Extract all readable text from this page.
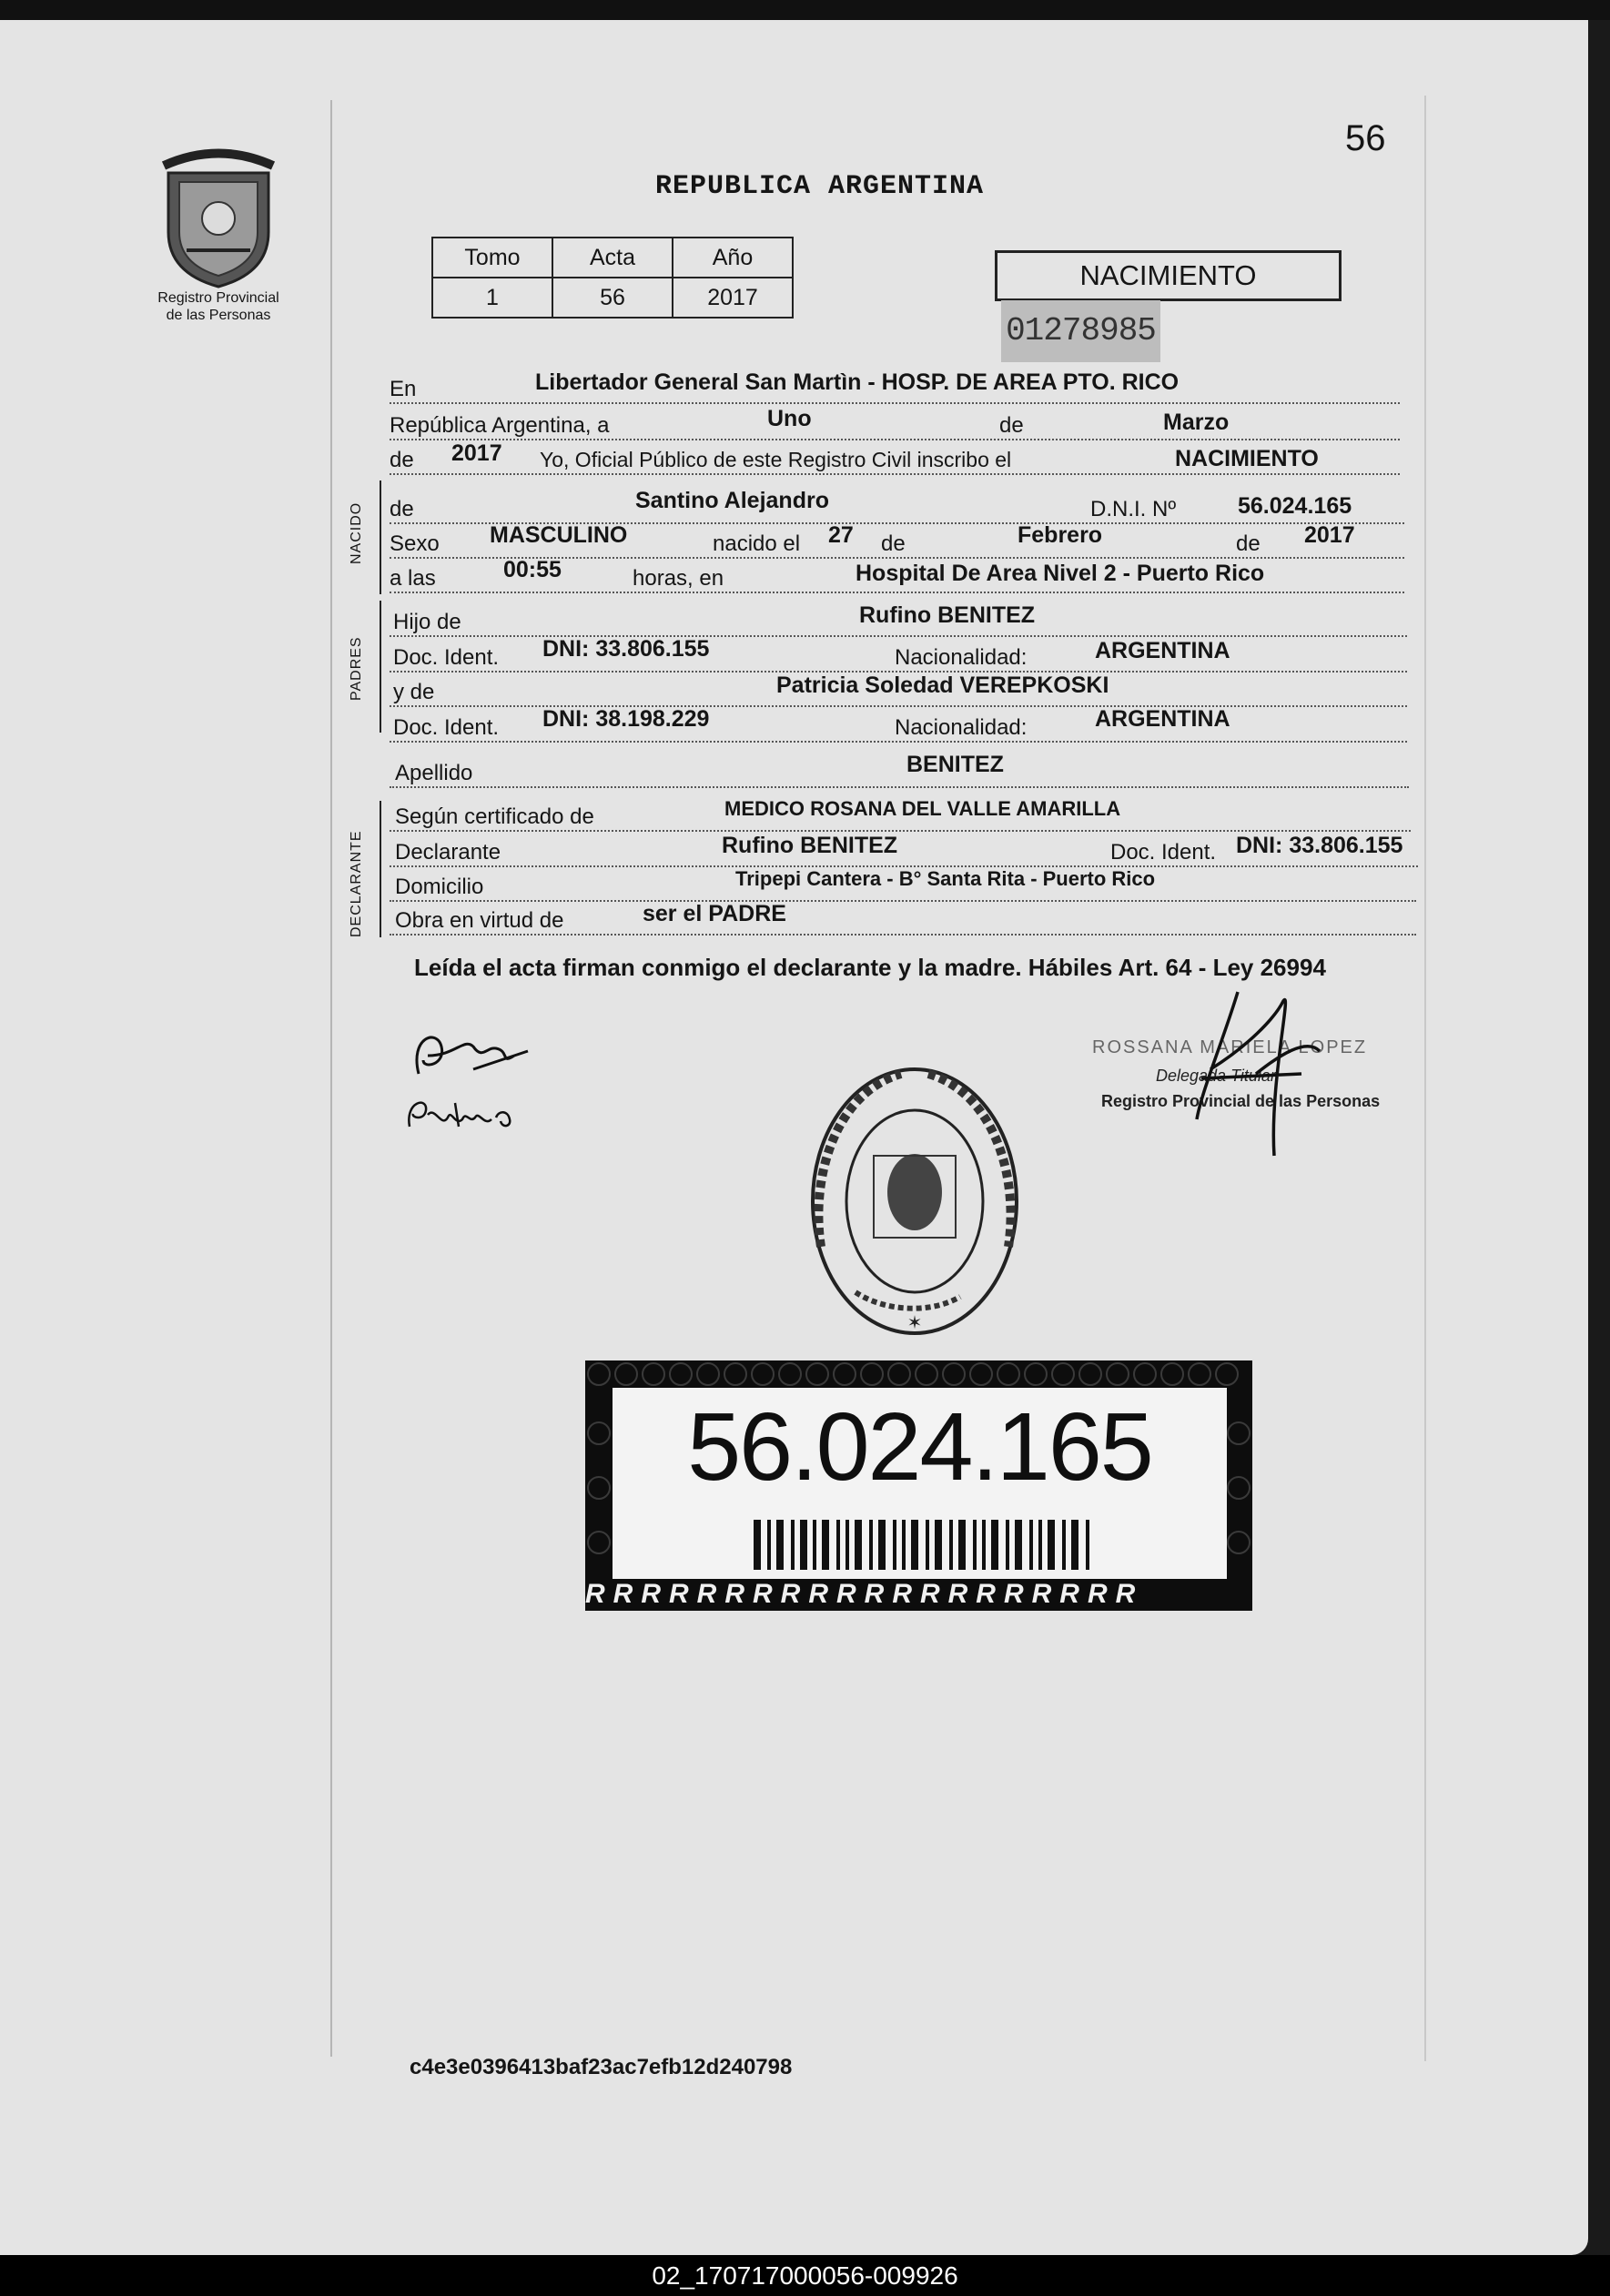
Registro Provincial
de las Personas
56
REPUBLICA ARGENTINA
Tomo	Acta	Año
1	56	2017
NACIMIENTO
01278985
En	Libertador General San Martìn - HOSP. DE AREA PTO. RICO
República Argentina, a	Uno	de	Marzo
de 2017 Yo, Oficial Público de este Registro Civil inscribo el	NACIMIENTO
NACIDO de	Santino Alejandro	D.N.I. Nº	56.024.165
Sexo MASCULINO	nacido el 27 de	Febrero	de 2017
a las	00:55	horas, en	Hospital De Area Nivel 2 - Puerto Rico
PADRES
Hijo de	Rufino BENITEZ
Doc. Ident. DNI: 33.806.155	Nacionalidad:	ARGENTINA
y de	Patricia Soledad VEREPKOSKI
Doc. Ident. DNI: 38.198.229	Nacionalidad:	ARGENTINA
Apellido	BENITEZ
DECLARANTE
Según certificado de	MEDICO ROSANA DEL VALLE AMARILLA
Declarante	Rufino BENITEZ	Doc. Ident. DNI: 33.806.155
Domicilio	Tripepi Cantera - B° Santa Rita - Puerto Rico
Obra en virtud de	ser el PADRE
Leída el acta firman conmigo el declarante y la madre. Hábiles Art. 64 - Ley 26994
ROSSANA MARIELA LOPEZ
Delegada Titular
Registro Provincial de las Personas
✶
56.024.165
RRRRRRRRRRRRRRRRRRRR
c4e3e0396413baf23ac7efb12d240798
02_170717000056-009926
